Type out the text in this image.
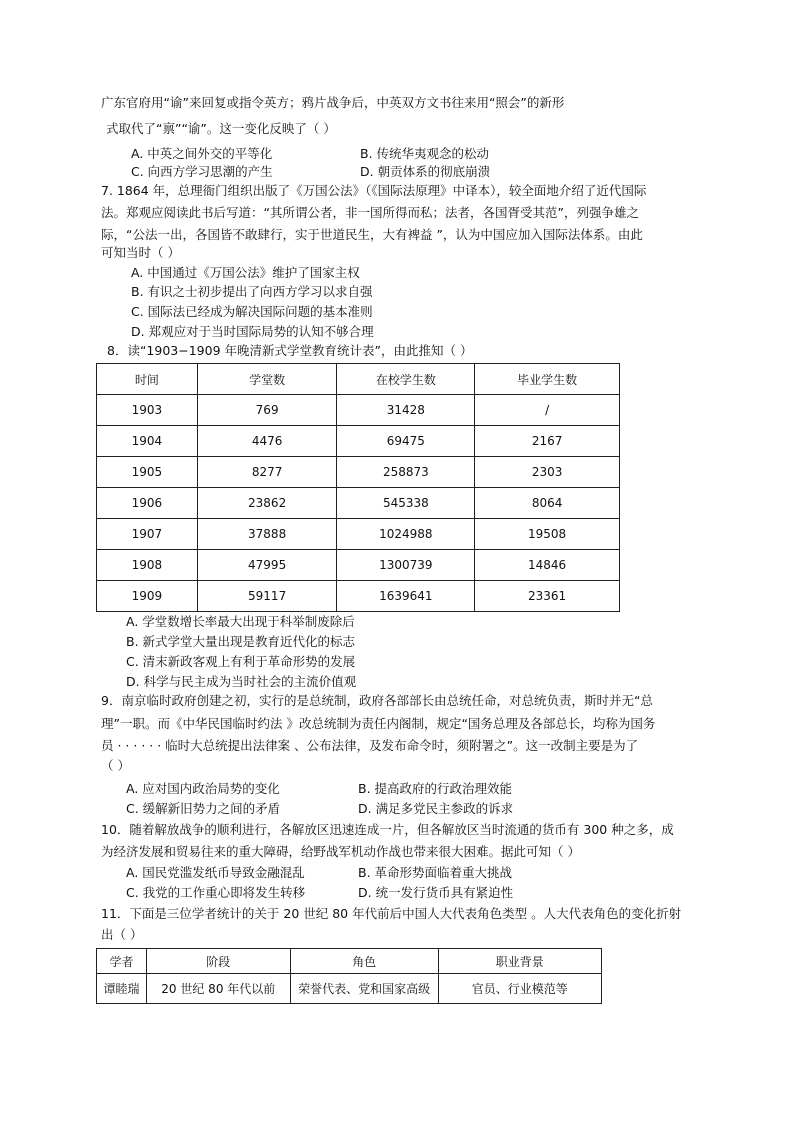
广东官府用“谕”来回复或指令英方；鸦片战争后，中英双方文书往来用“照会”的新形
式取代了“禀”“谕”。这一变化反映了（ ）
A. 中英之间外交的平等化	B. 传统华夷观念的松动
C. 向西方学习思潮的产生	D. 朝贡体系的彻底崩溃
7. 1864 年，总理衙门组织出版了《万国公法》（《国际法原理》中译本），较全面地介绍了近代国际
法。郑观应阅读此书后写道：“其所谓公者，非一国所得而私；法者，各国胥受其范”，列强争雄之
际，“公法一出，各国皆不敢肆行，实于世道民生，大有裨益 ”，认为中国应加入国际法体系。由此
可知当时（ ）
A. 中国通过《万国公法》维护了国家主权
B. 有识之士初步提出了向西方学习以求自强
C. 国际法已经成为解决国际问题的基本准则
D. 郑观应对于当时国际局势的认知不够合理
8．读“1903−1909 年晚清新式学堂教育统计表”，由此推知（ ）
时间	学堂数	在校学生数	毕业学生数
1903	769	31428	/
1904	4476	69475	2167
1905	8277	258873	2303
1906	23862	545338	8064
1907	37888	1024988	19508
1908	47995	1300739	14846
1909	59117	1639641	23361
A. 学堂数增长率最大出现于科举制废除后
B. 新式学堂大量出现是教育近代化的标志
C. 清末新政客观上有利于革命形势的发展
D. 科学与民主成为当时社会的主流价值观
9．南京临时政府创建之初，实行的是总统制，政府各部部长由总统任命，对总统负责，斯时并无“总
理”一职。而《中华民国临时约法 》改总统制为责任内阁制，规定“国务总理及各部总长，均称为国务
员 · · · · · · 临时大总统提出法律案 、公布法律，及发布命令时，须附署之”。这一改制主要是为了
（ ）
A. 应对国内政治局势的变化	B. 提高政府的行政治理效能
C. 缓解新旧势力之间的矛盾	D. 满足多党民主参政的诉求
10．随着解放战争的顺利进行，各解放区迅速连成一片，但各解放区当时流通的货币有 300 种之多，成
为经济发展和贸易往来的重大障碍，给野战军机动作战也带来很大困难。据此可知（ ）
A. 国民党滥发纸币导致金融混乱	B. 革命形势面临着重大挑战
C. 我党的工作重心即将发生转移	D. 统一发行货币具有紧迫性
11．下面是三位学者统计的关于 20 世纪 80 年代前后中国人大代表角色类型 。人大代表角色的变化折射
出（ ）
学者	阶段	角色	职业背景
谭睦瑞	20 世纪 80 年代以前	荣誉代表、党和国家高级	官员、行业模范等
